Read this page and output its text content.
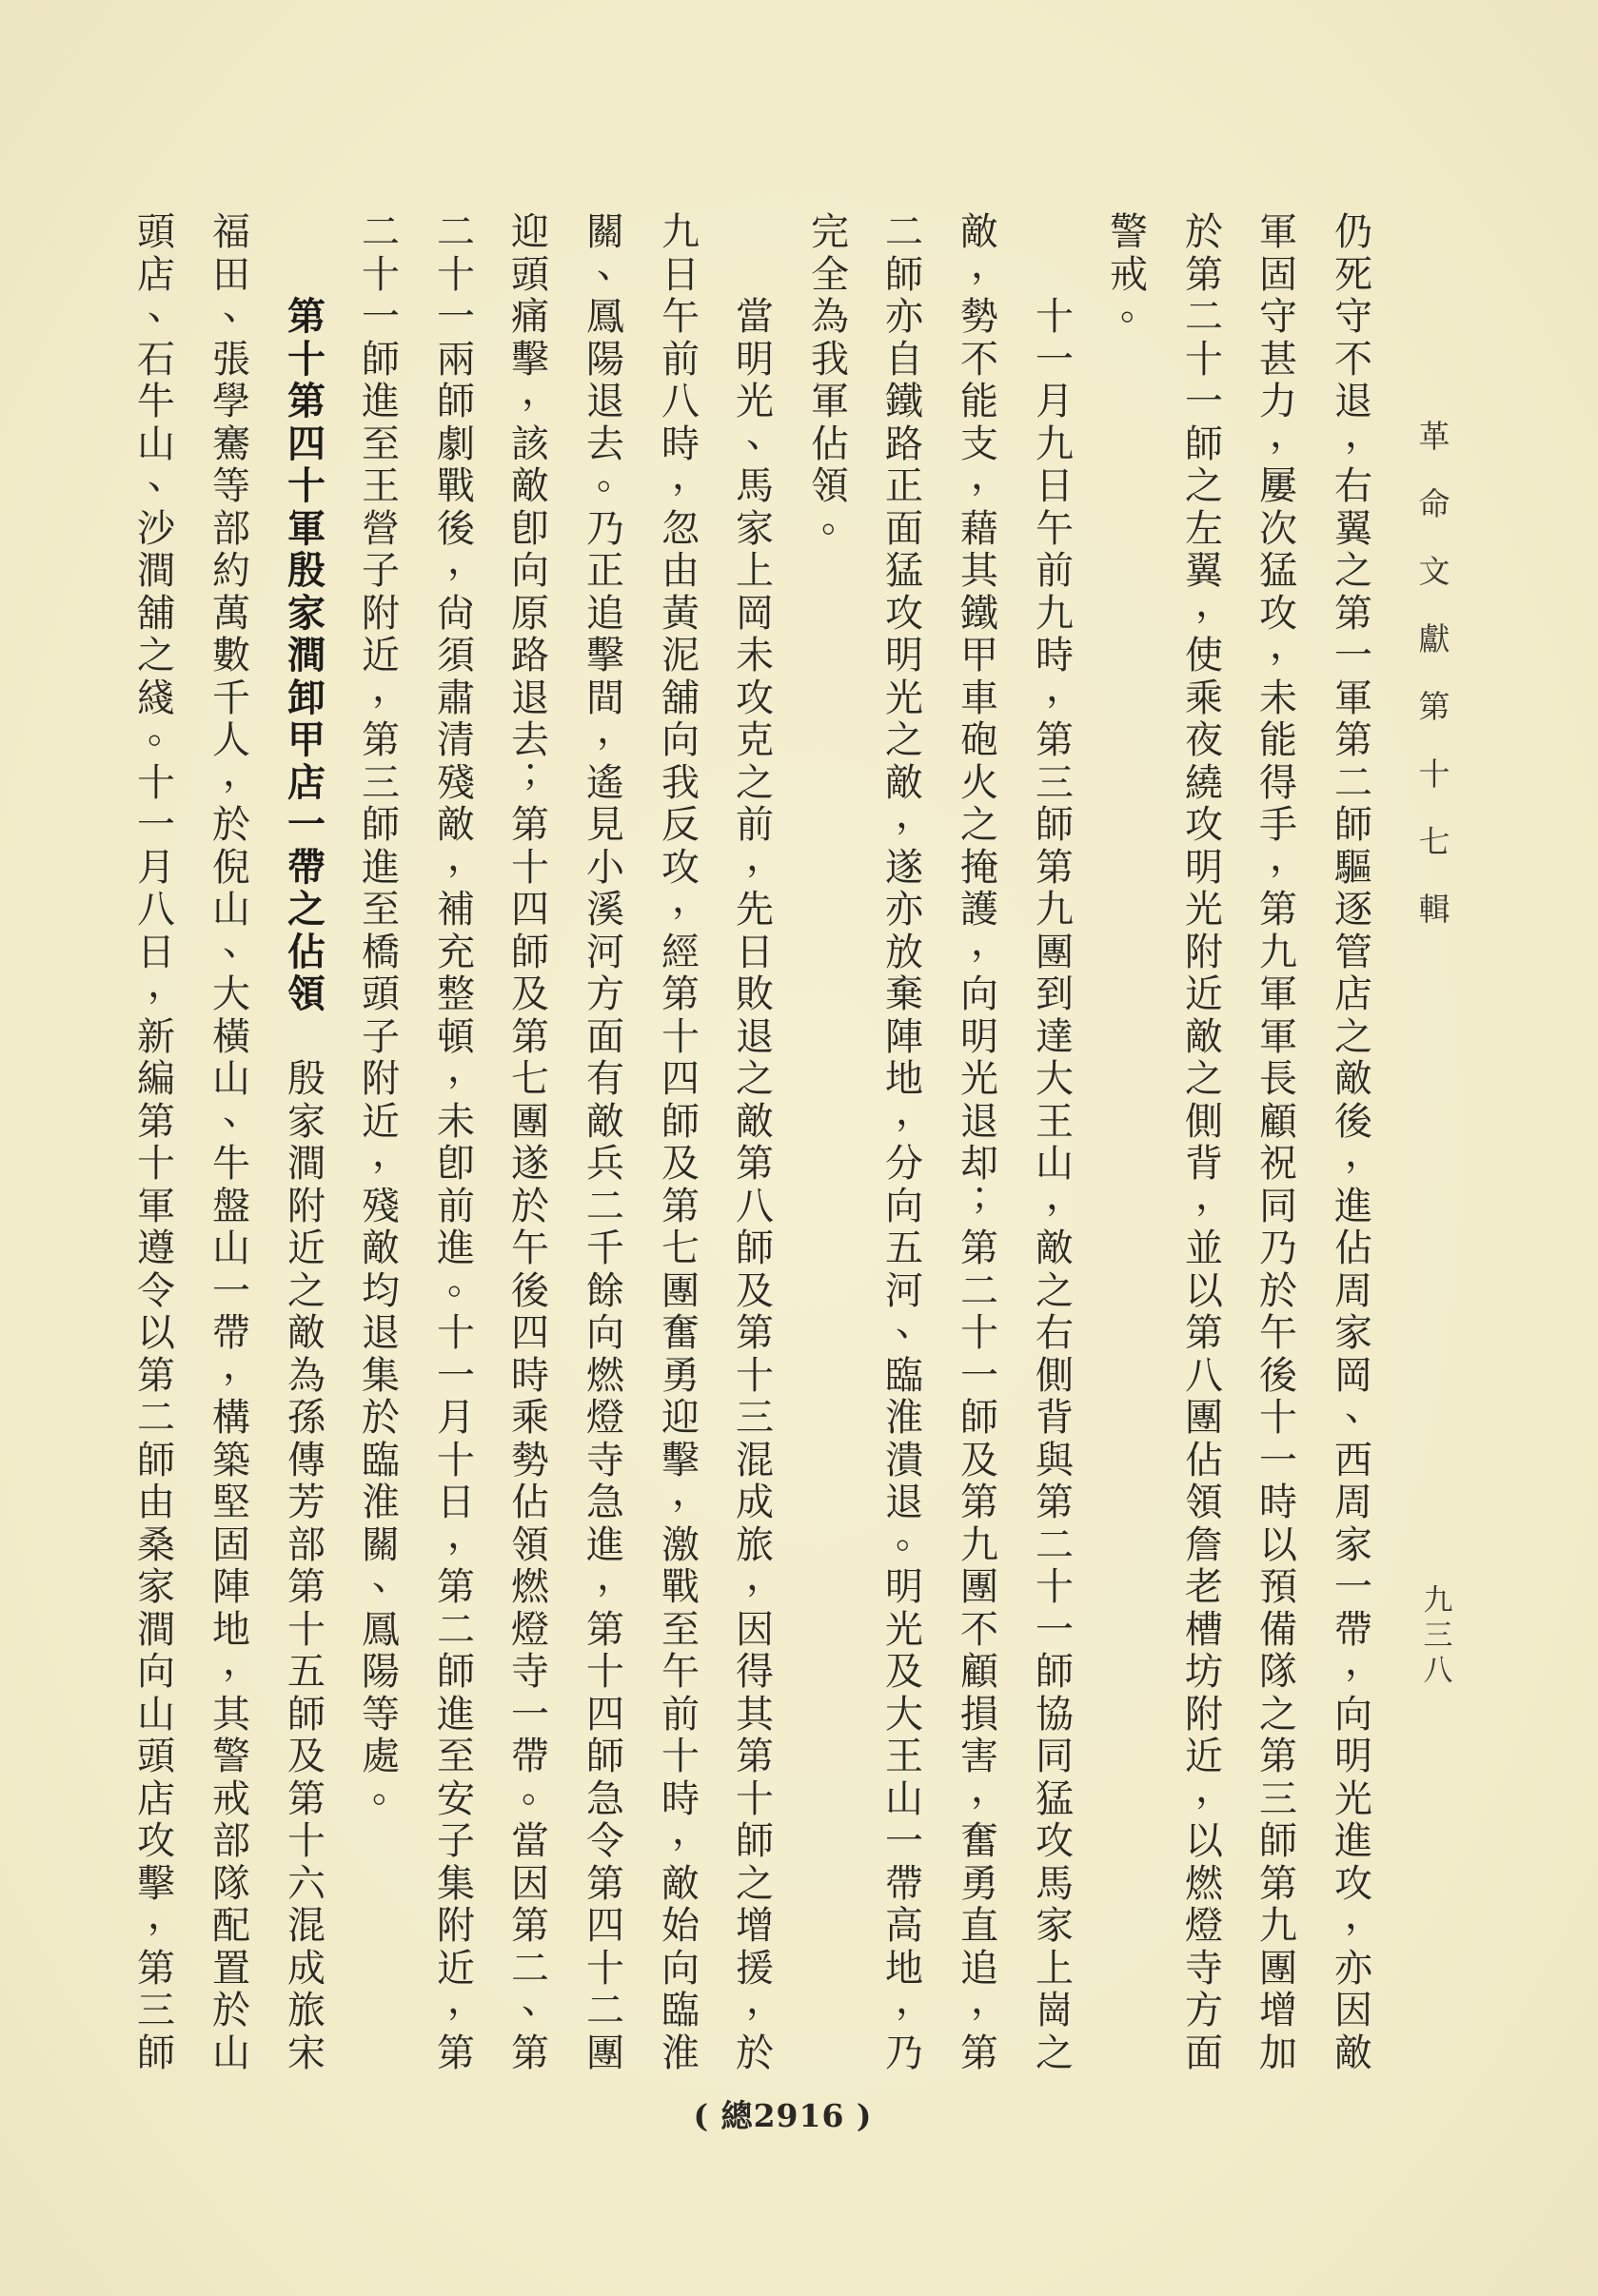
革
命
文
獻
第
十
七
輯
九
三
八
仍
死
守
不
退
，
右
翼
之
第
一
軍
第
二
師
驅
逐
管
店
之
敵
後
，
進
佔
周
家
岡
、
西
周
家
一
帶
，
向
明
光
進
攻
，
亦
因
敵
軍
固
守
甚
力
，
屢
次
猛
攻
，
未
能
得
手
，
第
九
軍
軍
長
顧
祝
同
乃
於
午
後
十
一
時
以
預
備
隊
之
第
三
師
第
九
團
增
加
於
第
二
十
一
師
之
左
翼
，
使
乘
夜
繞
攻
明
光
附
近
敵
之
側
背
，
並
以
第
八
團
佔
領
詹
老
槽
坊
附
近
，
以
燃
燈
寺
方
面
警
戒
。
十
一
月
九
日
午
前
九
時
，
第
三
師
第
九
團
到
達
大
王
山
，
敵
之
右
側
背
與
第
二
十
一
師
協
同
猛
攻
馬
家
上
崗
之
敵
，
勢
不
能
支
，
藉
其
鐵
甲
車
砲
火
之
掩
護
，
向
明
光
退
却
；
第
二
十
一
師
及
第
九
團
不
顧
損
害
，
奮
勇
直
追
，
第
二
師
亦
自
鐵
路
正
面
猛
攻
明
光
之
敵
，
遂
亦
放
棄
陣
地
，
分
向
五
河
、
臨
淮
潰
退
。
明
光
及
大
王
山
一
帶
高
地
，
乃
完
全
為
我
軍
佔
領
。
當
明
光
、
馬
家
上
岡
未
攻
克
之
前
，
先
日
敗
退
之
敵
第
八
師
及
第
十
三
混
成
旅
，
因
得
其
第
十
師
之
增
援
，
於
九
日
午
前
八
時
，
忽
由
黃
泥
舖
向
我
反
攻
，
經
第
十
四
師
及
第
七
團
奮
勇
迎
擊
，
激
戰
至
午
前
十
時
，
敵
始
向
臨
淮
關
、
鳳
陽
退
去
。
乃
正
追
擊
間
，
遙
見
小
溪
河
方
面
有
敵
兵
二
千
餘
向
燃
燈
寺
急
進
，
第
十
四
師
急
令
第
四
十
二
團
迎
頭
痛
擊
，
該
敵
卽
向
原
路
退
去
；
第
十
四
師
及
第
七
團
遂
於
午
後
四
時
乘
勢
佔
領
燃
燈
寺
一
帶
。
當
因
第
二
、
第
二
十
一
兩
師
劇
戰
後
，
尙
須
肅
清
殘
敵
，
補
充
整
頓
，
未
卽
前
進
。
十
一
月
十
日
，
第
二
師
進
至
安
子
集
附
近
，
第
二
十
一
師
進
至
王
營
子
附
近
，
第
三
師
進
至
橋
頭
子
附
近
，
殘
敵
均
退
集
於
臨
淮
關
、
鳳
陽
等
處
。
第
十
第
四
十
軍
殷
家
澗
卸
甲
店
一
帶
之
佔
領
殷
家
澗
附
近
之
敵
為
孫
傳
芳
部
第
十
五
師
及
第
十
六
混
成
旅
宋
福
田
、
張
學
騫
等
部
約
萬
數
千
人
，
於
倪
山
、
大
橫
山
、
牛
盤
山
一
帶
，
構
築
堅
固
陣
地
，
其
警
戒
部
隊
配
置
於
山
頭
店
、
石
牛
山
、
沙
澗
舖
之
綫
。
十
一
月
八
日
，
新
編
第
十
軍
遵
令
以
第
二
師
由
桑
家
澗
向
山
頭
店
攻
擊
，
第
三
師
( 總2916 )
